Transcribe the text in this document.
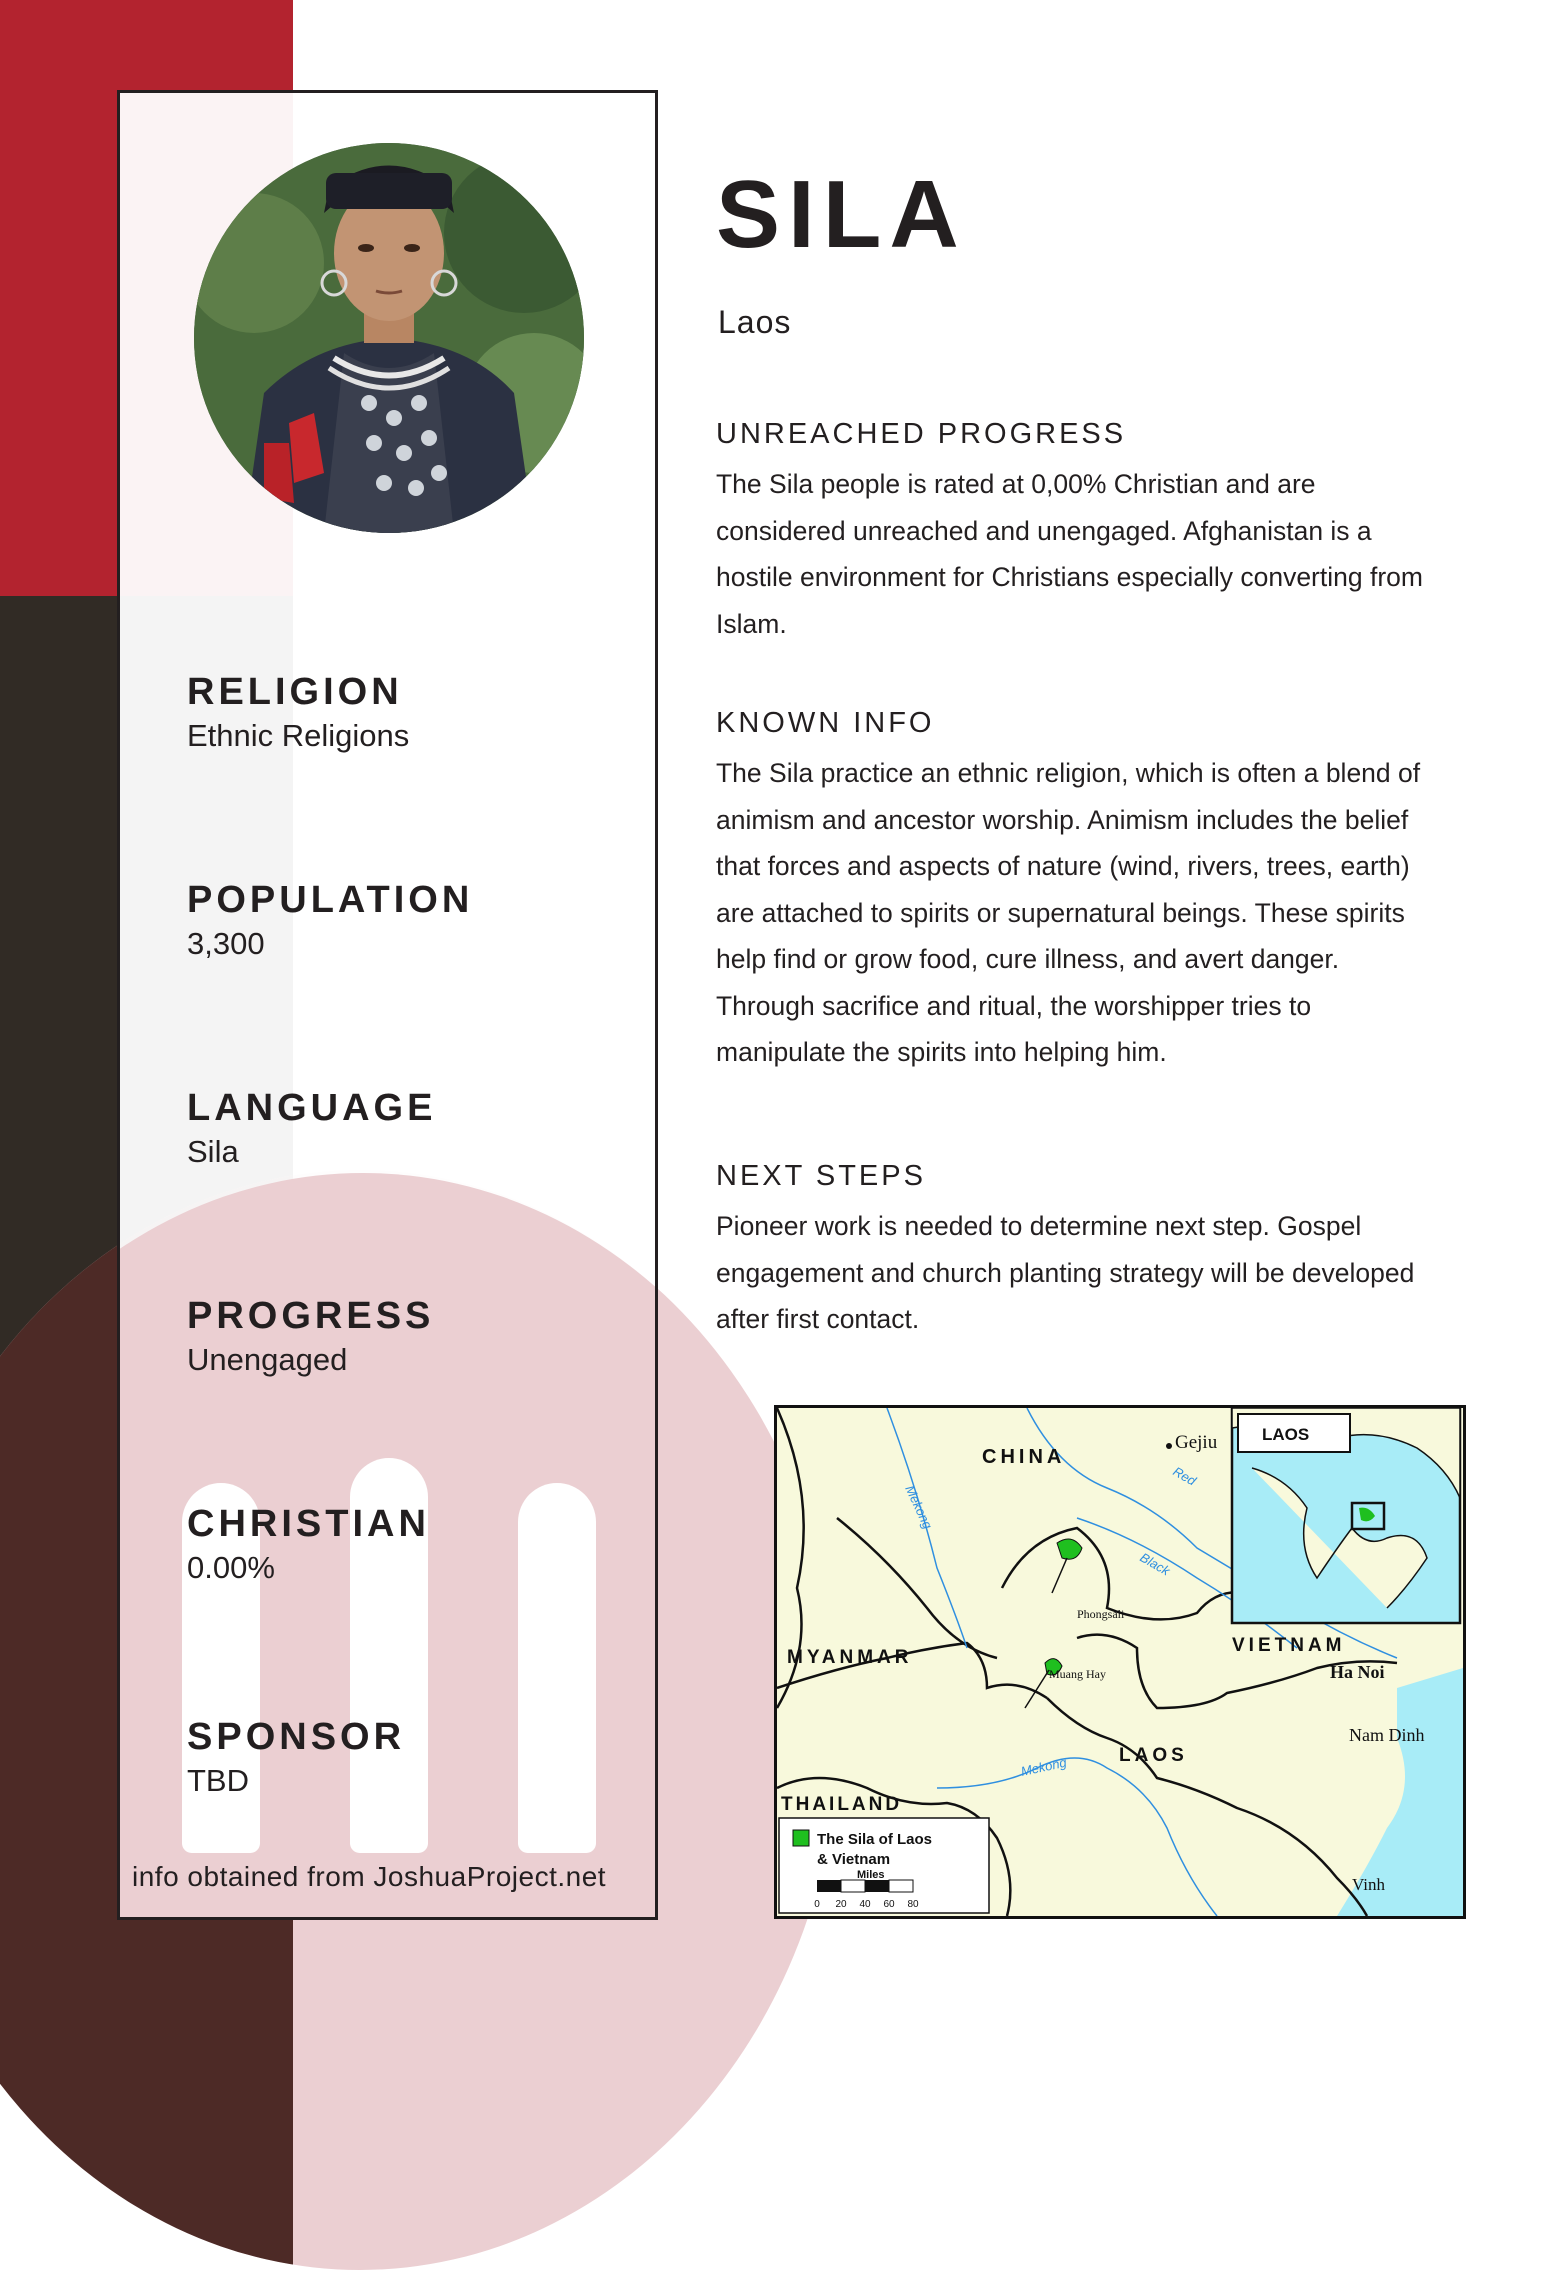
RELIGION
Ethnic Religions
POPULATION
3,300
LANGUAGE
Sila
PROGRESS
Unengaged
CHRISTIAN
0.00%
SPONSOR
TBD
info obtained from JoshuaProject.net
SILA
Laos
UNREACHED PROGRESS
The Sila people is rated at 0,00% Christian and are considered unreached and unengaged. Afghanistan is a hostile environment for Christians especially converting from Islam.
KNOWN INFO
The Sila practice an ethnic religion, which is often a blend of animism and ancestor worship. Animism includes the belief that forces and aspects of nature (wind, rivers, trees, earth) are attached to spirits or supernatural beings. These spirits help find or grow food, cure illness, and avert danger. Through sacrifice and ritual, the worshipper tries to manipulate the spirits into helping him.
NEXT STEPS
Pioneer work is needed to determine next step. Gospel engagement and church planting strategy will be developed after first contact.
CHINA
MYANMAR
VIETNAM
LAOS
THAILAND
Gejiu
Phongsali
Muang Hay	Ha Noi
Nam Dinh
Vinh
Mekong
Mekong
Red
Black
LAOS
The Sila of Laos
& Vietnam
Miles
0 20 40 60 80
